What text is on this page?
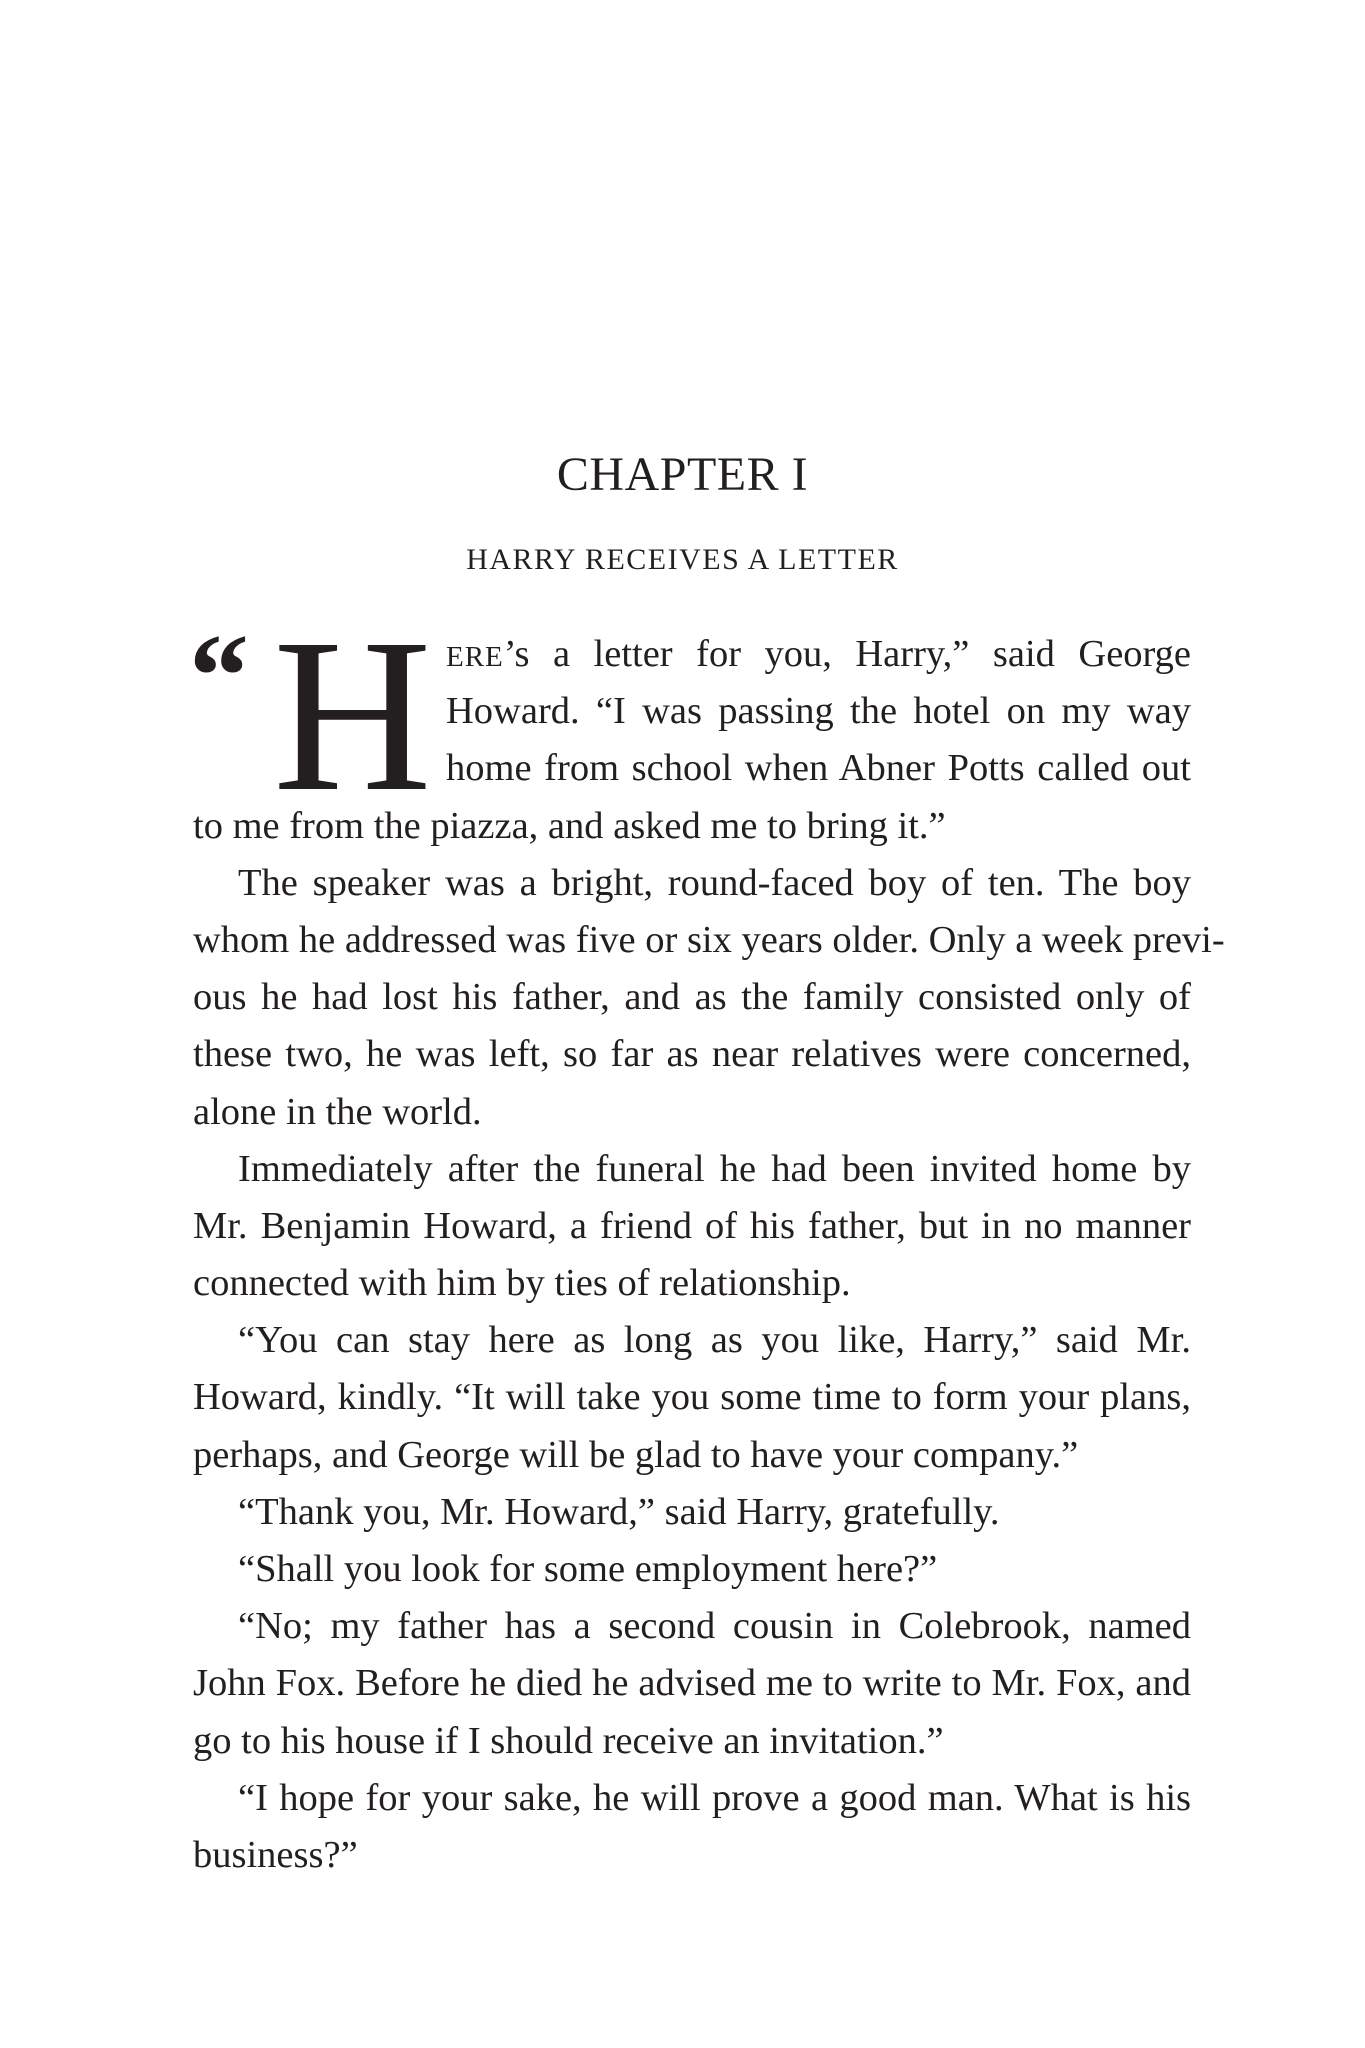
CHAPTER I
HARRY RECEIVES A LETTER
“ H ERE’s a letter for you, Harry,” said George
Howard. “I was passing the hotel on my way
home from school when Abner Potts called out
to me from the piazza, and asked me to bring it.”
The speaker was a bright, round-faced boy of ten. The boy
whom he addressed was five or six years older. Only a week previ-
ous he had lost his father, and as the family consisted only of
these two, he was left, so far as near relatives were concerned,
alone in the world.
Immediately after the funeral he had been invited home by
Mr. Benjamin Howard, a friend of his father, but in no manner
connected with him by ties of relationship.
“You can stay here as long as you like, Harry,” said Mr.
Howard, kindly. “It will take you some time to form your plans,
perhaps, and George will be glad to have your company.”
“Thank you, Mr. Howard,” said Harry, gratefully.
“Shall you look for some employment here?”
“No; my father has a second cousin in Colebrook, named
John Fox. Before he died he advised me to write to Mr. Fox, and
go to his house if I should receive an invitation.”
“I hope for your sake, he will prove a good man. What is his
business?”
